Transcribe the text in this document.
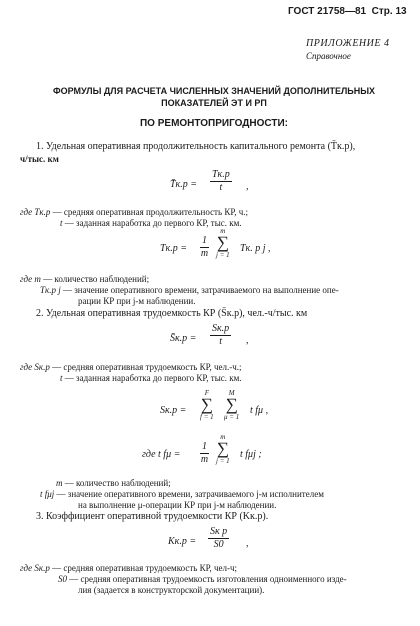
ГОСТ 21758—81 Стр. 13
ПРИЛОЖЕНИЕ 4
Справочное
ФОРМУЛЫ ДЛЯ РАСЧЕТА ЧИСЛЕННЫХ ЗНАЧЕНИЙ ДОПОЛНИТЕЛЬНЫХ
ПОКАЗАТЕЛЕЙ ЭТ И РП
ПО РЕМОНТОПРИГОДНОСТИ:
1. Удельная оперативная продолжительность капитального ремонта (T̄к.р),
ч/тыс. км
T̄к.р =
Tк.р
t ,
где Tк.р — средняя оперативная продолжительность КР, ч.;
t — заданная наработка до первого КР, тыс. км.
Tк.р =
1
m
m
∑
j = 1
Tк. р j ,
где m — количество наблюдений;
Tк.р j — значение оперативного времени, затрачиваемого на выполнение опе-
рации КР при j-м наблюдении.
2. Удельная оперативная трудоемкость КР (S̄к.р), чел.-ч/тыс. км
S̄к.р =
Sк.р
t ,
где Sк.р — средняя оперативная трудоемкость КР, чел.-ч.;
t — заданная наработка до первого КР, тыс. км.
Sк.р =
F
∑
f = 1
M
∑
μ = 1
t fμ ,
где t fμ =
1
m
m
∑
j = 1
t fμj ;
m — количество наблюдений;
t fμj — значение оперативного времени, затрачиваемого j-м исполнителем
на выполнение μ-операции КР при j-м наблюдении.
3. Коэффициент оперативной трудоемкости КР (Kк.р).
Kк.р =
Sк р
S0 ,
где Sк.р — средняя оперативная трудоемкость КР, чел-ч;
S0 — средняя оперативная трудоемкость изготовления одноименного изде-
лия (задается в конструкторской документации).
